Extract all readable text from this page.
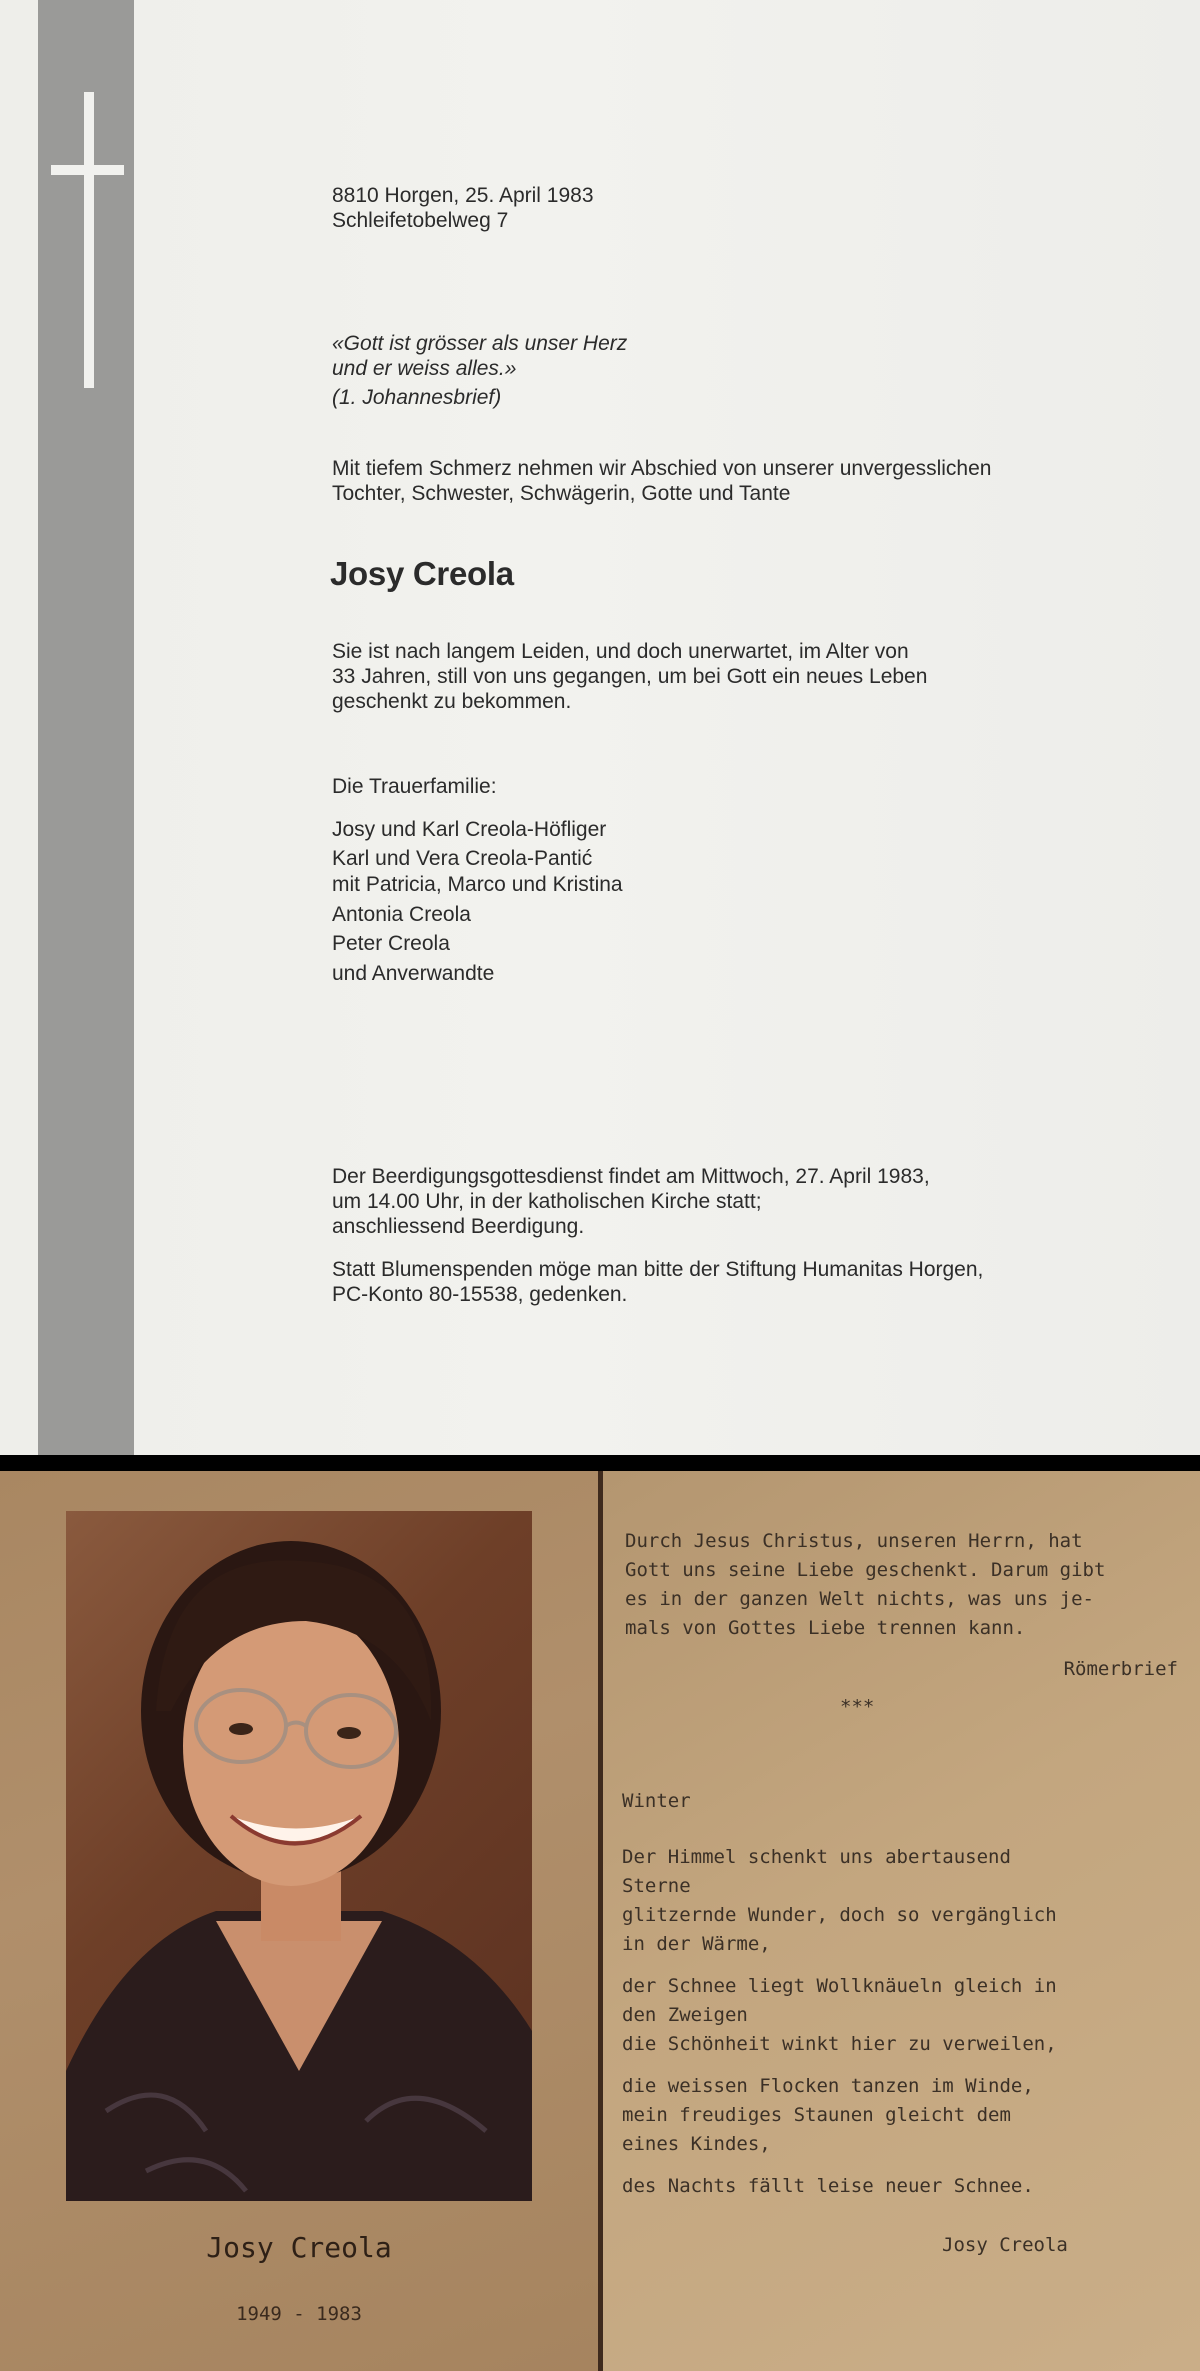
8810 Horgen, 25. April 1983
Schleifetobelweg 7
«Gott ist grösser als unser Herz
und er weiss alles.»
(1. Johannesbrief)
Mit tiefem Schmerz nehmen wir Abschied von unserer unvergesslichen
Tochter, Schwester, Schwägerin, Gotte und Tante
Josy Creola
Sie ist nach langem Leiden, und doch unerwartet, im Alter von
33 Jahren, still von uns gegangen, um bei Gott ein neues Leben
geschenkt zu bekommen.
Die Trauerfamilie:
Josy und Karl Creola-Höfliger
Karl und Vera Creola-Pantić
mit Patricia, Marco und Kristina
Antonia Creola
Peter Creola
und Anverwandte
Der Beerdigungsgottesdienst findet am Mittwoch, 27. April 1983,
um 14.00 Uhr, in der katholischen Kirche statt;
anschliessend Beerdigung.
Statt Blumenspenden möge man bitte der Stiftung Humanitas Horgen,
PC-Konto 80-15538, gedenken.
Josy Creola
1949 - 1983
Durch Jesus Christus, unseren Herrn, hat
Gott uns seine Liebe geschenkt. Darum gibt
es in der ganzen Welt nichts, was uns je-
mals von Gottes Liebe trennen kann.
Römerbrief
***
Winter
Der Himmel schenkt uns abertausend
Sterne
glitzernde Wunder, doch so vergänglich
in der Wärme,
der Schnee liegt Wollknäueln gleich in
den Zweigen
die Schönheit winkt hier zu verweilen,
die weissen Flocken tanzen im Winde,
mein freudiges Staunen gleicht dem
eines Kindes,
des Nachts fällt leise neuer Schnee.
Josy Creola
